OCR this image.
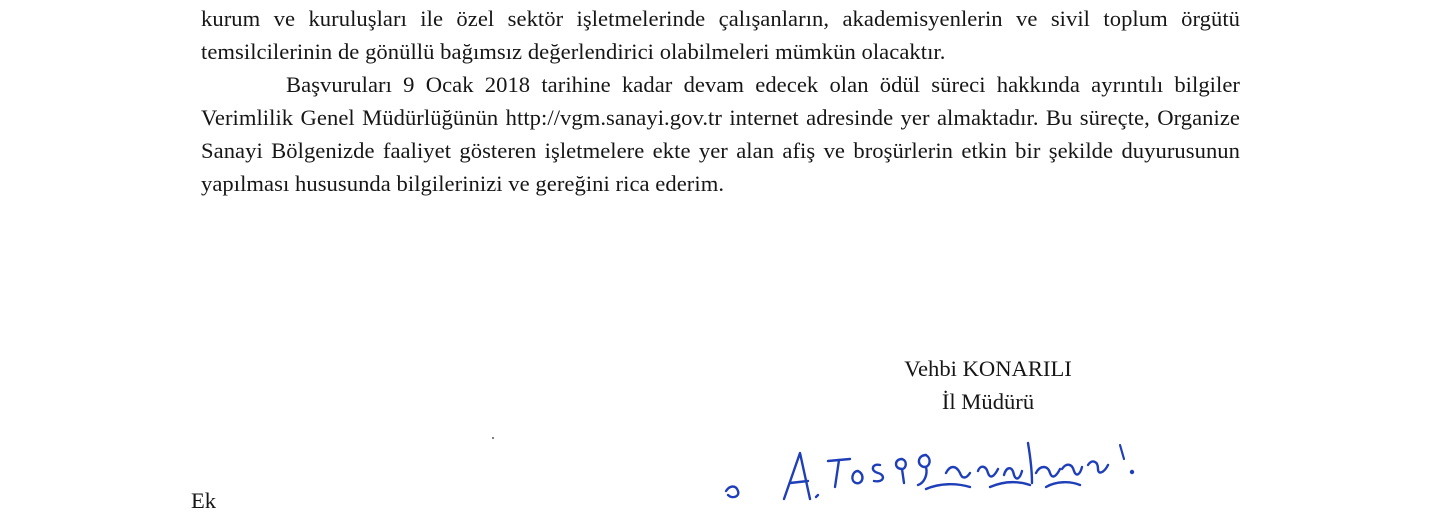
kurum ve kuruluşları ile özel sektör işletmelerinde çalışanların, akademisyenlerin ve sivil toplum örgütü temsilcilerinin de gönüllü bağımsız değerlendirici olabilmeleri mümkün olacaktır.

Başvuruları 9 Ocak 2018 tarihine kadar devam edecek olan ödül süreci hakkında ayrıntılı bilgiler Verimlilik Genel Müdürlüğünün http://vgm.sanayi.gov.tr internet adresinde yer almaktadır. Bu süreçte, Organize Sanayi Bölgenizde faaliyet gösteren işletmelere ekte yer alan afiş ve broşürlerin etkin bir şekilde duyurusunun yapılması hususunda bilgilerinizi ve gereğini rica ederim.

Vehbi KONARILI
İl Müdürü
Ek
